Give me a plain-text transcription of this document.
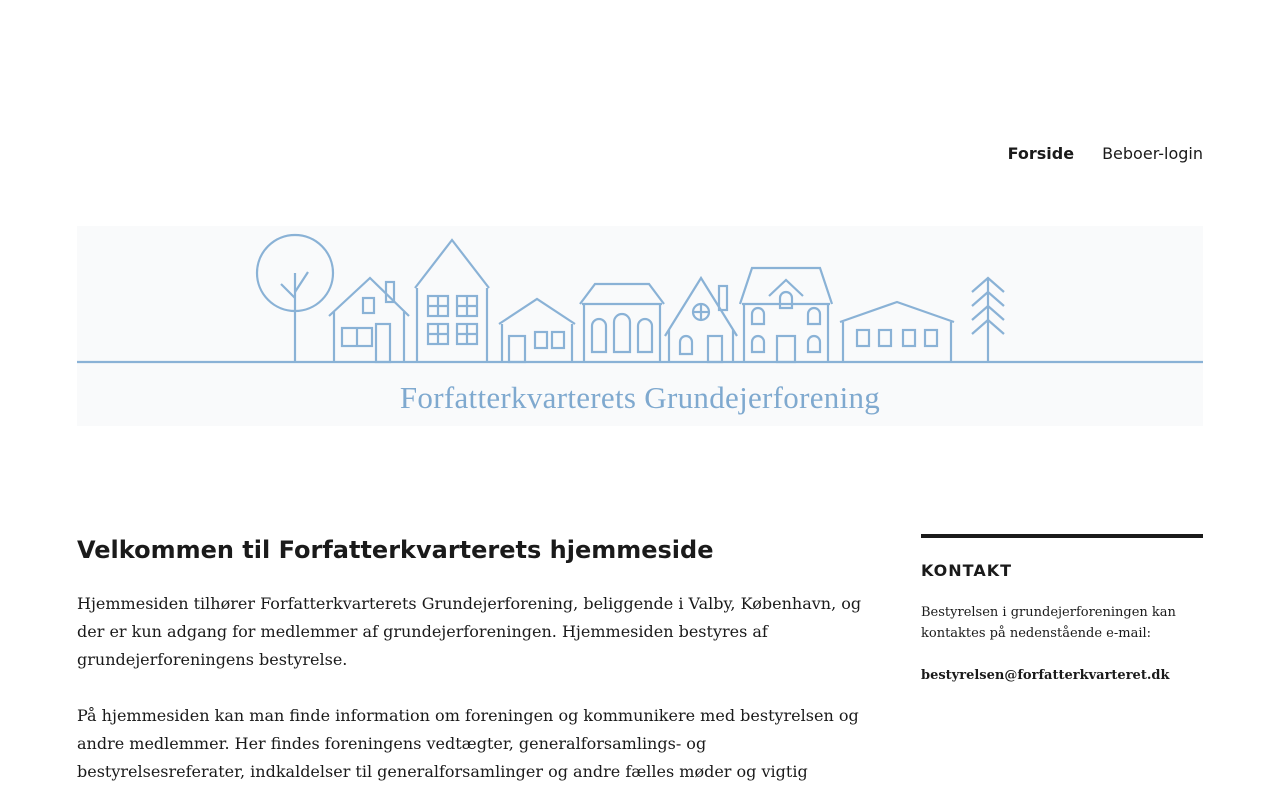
Forside Beboer-login
Forfatterkvarterets Grundejerforening
Velkommen til Forfatterkvarterets hjemmeside

Hjemmesiden tilhører Forfatterkvarterets Grundejerforening, beliggende i Valby, København, og der er kun adgang for medlemmer af grundejerforeningen. Hjemmesiden bestyres af grundejerforeningens bestyrelse.

På hjemmesiden kan man finde information om foreningen og kommunikere med bestyrelsen og andre medlemmer. Her findes foreningens vedtægter, generalforsamlings- og bestyrelsesreferater, indkaldelser til generalforsamlinger og andre fælles møder og vigtig

KONTAKT

Bestyrelsen i grundejerforeningen kan kontaktes på nedenstående e-mail:

bestyrelsen@forfatterkvarteret.dk
